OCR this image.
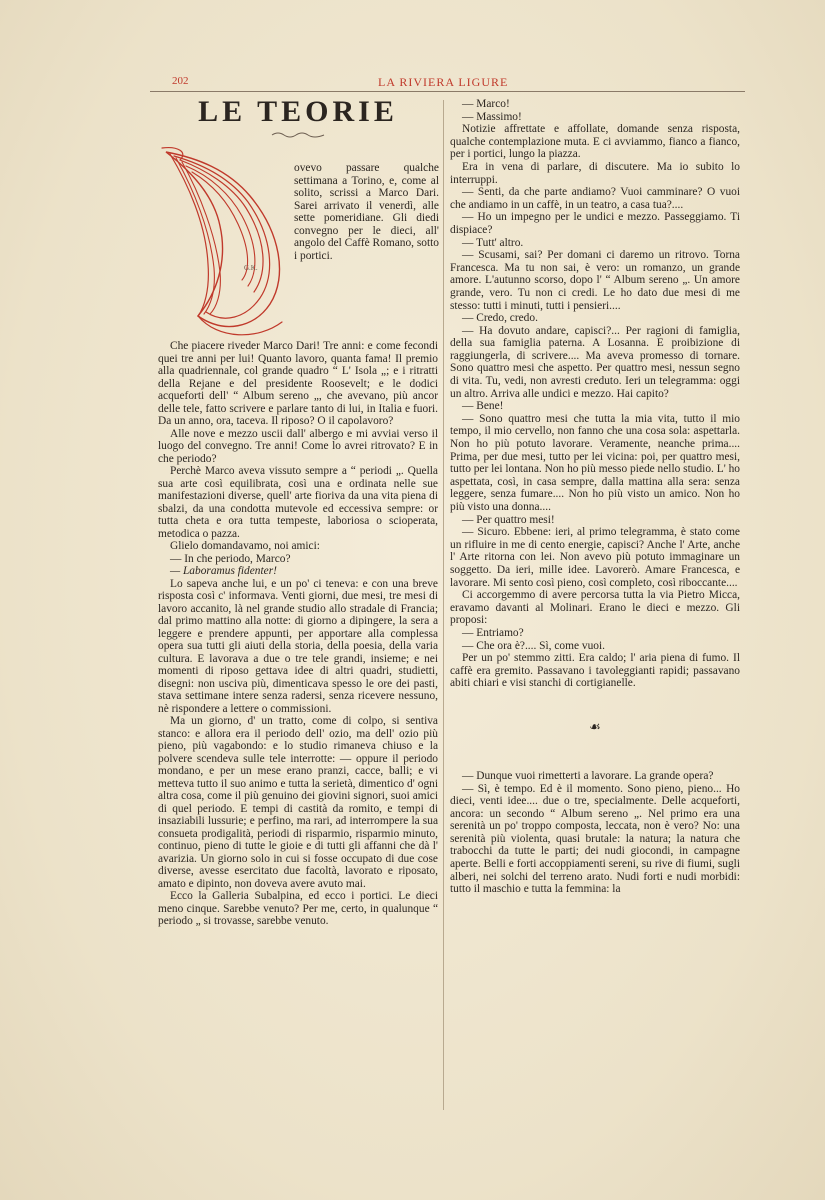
202	LA RIVIERA LIGURE
LE TEORIE
G.K.

ovevo passare qualche settimana a Torino, e, come al solito, scrissi a Marco Dari. Sarei arrivato il venerdì, alle sette pomeridiane. Gli diedi convegno per le dieci, all' angolo del Caffè Romano, sotto i portici.

Che piacere riveder Marco Dari! Tre anni: e come fecondi quei tre anni per lui! Quanto lavoro, quanta fama! Il premio alla quadriennale, col grande quadro “ L' Isola „; e i ritratti della Rejane e del presidente Roosevelt; e le dodici acqueforti dell' “ Album sereno „, che avevano, più ancor delle tele, fatto scrivere e parlare tanto di lui, in Italia e fuori. Da un anno, ora, taceva. Il riposo? O il capolavoro?

Alle nove e mezzo uscii dall' albergo e mi avviai verso il luogo del convegno. Tre anni! Come lo avrei ritrovato? E in che periodo?

Perchè Marco aveva vissuto sempre a “ periodi „. Quella sua arte così equilibrata, così una e ordinata nelle sue manifestazioni diverse, quell' arte fioriva da una vita piena di sbalzi, da una condotta mutevole ed eccessiva sempre: or tutta cheta e ora tutta tempeste, laboriosa o scioperata, metodica o pazza.

Glielo domandavamo, noi amici:

— In che periodo, Marco?

— Laboramus fidenter!

Lo sapeva anche lui, e un po' ci teneva: e con una breve risposta così c' informava. Venti giorni, due mesi, tre mesi di lavoro accanito, là nel grande studio allo stradale di Francia; dal primo mattino alla notte: di giorno a dipingere, la sera a leggere e prendere appunti, per apportare alla complessa opera sua tutti gli aiuti della storia, della poesia, della varia cultura. E lavorava a due o tre tele grandi, insieme; e nei momenti di riposo gettava idee di altri quadri, studietti, disegni: non usciva più, dimenticava spesso le ore dei pasti, stava settimane intere senza radersi, senza ricevere nessuno, nè rispondere a lettere o commissioni.

Ma un giorno, d' un tratto, come di colpo, si sentiva stanco: e allora era il periodo dell' ozio, ma dell' ozio più pieno, più vagabondo: e lo studio rimaneva chiuso e la polvere scendeva sulle tele interrotte: — oppure il periodo mondano, e per un mese erano pranzi, cacce, balli; e vi metteva tutto il suo animo e tutta la serietà, dimentico d' ogni altra cosa, come il più genuino dei giovini signori, suoi amici di quel periodo. E tempi di castità da romito, e tempi di insaziabili lussurie; e perfino, ma rari, ad interrompere la sua consueta prodigalità, periodi di risparmio, risparmio minuto, continuo, pieno di tutte le gioie e di tutti gli affanni che dà l' avarizia. Un giorno solo in cui si fosse occupato di due cose diverse, avesse esercitato due facoltà, lavorato e riposato, amato e dipinto, non doveva avere avuto mai.

Ecco la Galleria Subalpina, ed ecco i portici. Le dieci meno cinque. Sarebbe venuto? Per me, certo, in qualunque “ periodo „ si trovasse, sarebbe venuto.

— Marco!

— Massimo!

Notizie affrettate e affollate, domande senza risposta, qualche contemplazione muta. E ci avviammo, fianco a fianco, per i portici, lungo la piazza.

Era in vena di parlare, di discutere. Ma io subito lo interruppi.

— Senti, da che parte andiamo? Vuoi camminare? O vuoi che andiamo in un caffè, in un teatro, a casa tua?....

— Ho un impegno per le undici e mezzo. Passeggiamo. Ti dispiace?

— Tutt' altro.

— Scusami, sai? Per domani ci daremo un ritrovo. Torna Francesca. Ma tu non sai, è vero: un romanzo, un grande amore. L'autunno scorso, dopo l' “ Album sereno „. Un amore grande, vero. Tu non ci credi. Le ho dato due mesi di me stesso: tutti i minuti, tutti i pensieri....

— Credo, credo.

— Ha dovuto andare, capisci?... Per ragioni di famiglia, della sua famiglia paterna. A Losanna. E proibizione di raggiungerla, di scrivere.... Ma aveva promesso di tornare. Sono quattro mesi che aspetto. Per quattro mesi, nessun segno di vita. Tu, vedi, non avresti creduto. Ieri un telegramma: oggi un altro. Arriva alle undici e mezzo. Hai capito?

— Bene!

— Sono quattro mesi che tutta la mia vita, tutto il mio tempo, il mio cervello, non fanno che una cosa sola: aspettarla. Non ho più potuto lavorare. Veramente, neanche prima.... Prima, per due mesi, tutto per lei vicina: poi, per quattro mesi, tutto per lei lontana. Non ho più messo piede nello studio. L' ho aspettata, così, in casa sempre, dalla mattina alla sera: senza leggere, senza fumare.... Non ho più visto un amico. Non ho più visto una donna....

— Per quattro mesi!

— Sicuro. Ebbene: ieri, al primo telegramma, è stato come un rifluire in me di cento energie, capisci? Anche l' Arte, anche l' Arte ritorna con lei. Non avevo più potuto immaginare un soggetto. Da ieri, mille idee. Lavorerò. Amare Francesca, e lavorare. Mi sento così pieno, così completo, così riboccante....

Ci accorgemmo di avere percorsa tutta la via Pietro Micca, eravamo davanti al Molinari. Erano le dieci e mezzo. Gli proposi:

— Entriamo?

— Che ora è?.... Sì, come vuoi.

Per un po' stemmo zitti. Era caldo; l' aria piena di fumo. Il caffè era gremito. Passavano i tavoleggianti rapidi; passavano abiti chiari e visi stanchi di cortigianelle.

☙

— Dunque vuoi rimetterti a lavorare. La grande opera?

— Sì, è tempo. Ed è il momento. Sono pieno, pieno... Ho dieci, venti idee.... due o tre, specialmente. Delle acqueforti, ancora: un secondo “ Album sereno „. Nel primo era una serenità un po' troppo composta, leccata, non è vero? No: una serenità più violenta, quasi brutale: la natura; la natura che trabocchi da tutte le parti; dei nudi giocondi, in campagne aperte. Belli e forti accoppiamenti sereni, su rive di fiumi, sugli alberi, nei solchi del terreno arato. Nudi forti e nudi morbidi: tutto il maschio e tutta la femmina: la
